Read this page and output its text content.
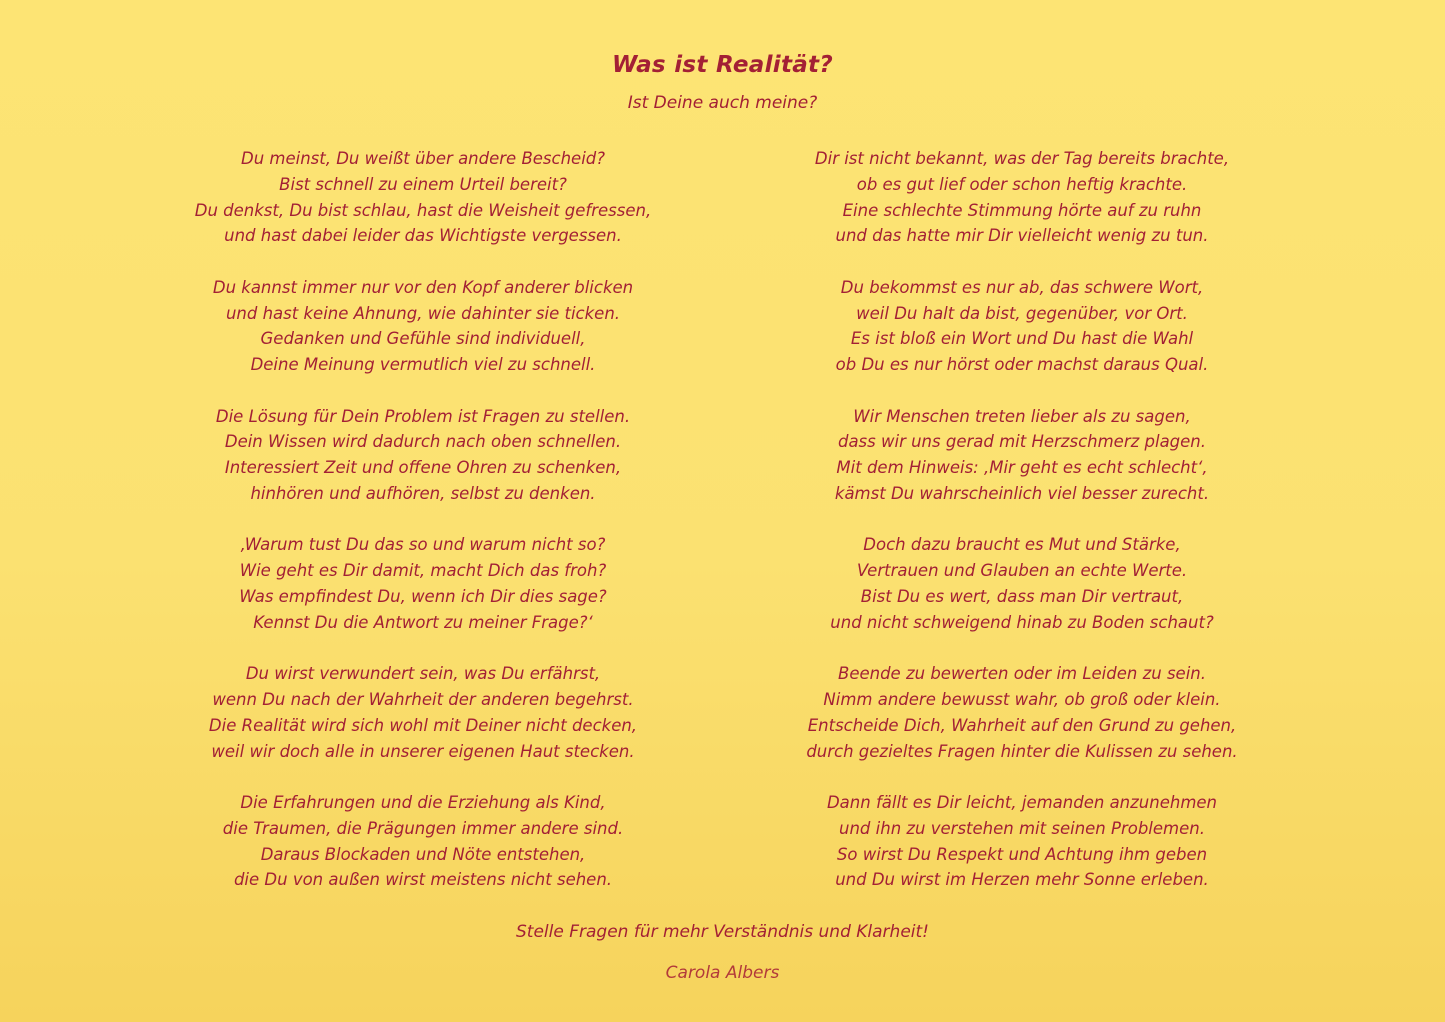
Was ist Realität?
Ist Deine auch meine?
Du meinst, Du weißt über andere Bescheid?
Bist schnell zu einem Urteil bereit?
Du denkst, Du bist schlau, hast die Weisheit gefressen,
und hast dabei leider das Wichtigste vergessen.
Du kannst immer nur vor den Kopf anderer blicken
und hast keine Ahnung, wie dahinter sie ticken.
Gedanken und Gefühle sind individuell,
Deine Meinung vermutlich viel zu schnell.
Die Lösung für Dein Problem ist Fragen zu stellen.
Dein Wissen wird dadurch nach oben schnellen.
Interessiert Zeit und offene Ohren zu schenken,
hinhören und aufhören, selbst zu denken.
‚Warum tust Du das so und warum nicht so?
Wie geht es Dir damit, macht Dich das froh?
Was empfindest Du, wenn ich Dir dies sage?
Kennst Du die Antwort zu meiner Frage?‘
Du wirst verwundert sein, was Du erfährst,
wenn Du nach der Wahrheit der anderen begehrst.
Die Realität wird sich wohl mit Deiner nicht decken,
weil wir doch alle in unserer eigenen Haut stecken.
Die Erfahrungen und die Erziehung als Kind,
die Traumen, die Prägungen immer andere sind.
Daraus Blockaden und Nöte entstehen,
die Du von außen wirst meistens nicht sehen.
Dir ist nicht bekannt, was der Tag bereits brachte,
ob es gut lief oder schon heftig krachte.
Eine schlechte Stimmung hörte auf zu ruhn
und das hatte mir Dir vielleicht wenig zu tun.
Du bekommst es nur ab, das schwere Wort,
weil Du halt da bist, gegenüber, vor Ort.
Es ist bloß ein Wort und Du hast die Wahl
ob Du es nur hörst oder machst daraus Qual.
Wir Menschen treten lieber als zu sagen,
dass wir uns gerad mit Herzschmerz plagen.
Mit dem Hinweis: ‚Mir geht es echt schlecht‘,
kämst Du wahrscheinlich viel besser zurecht.
Doch dazu braucht es Mut und Stärke,
Vertrauen und Glauben an echte Werte.
Bist Du es wert, dass man Dir vertraut,
und nicht schweigend hinab zu Boden schaut?
Beende zu bewerten oder im Leiden zu sein.
Nimm andere bewusst wahr, ob groß oder klein.
Entscheide Dich, Wahrheit auf den Grund zu gehen,
durch gezieltes Fragen hinter die Kulissen zu sehen.
Dann fällt es Dir leicht, jemanden anzunehmen
und ihn zu verstehen mit seinen Problemen.
So wirst Du Respekt und Achtung ihm geben
und Du wirst im Herzen mehr Sonne erleben.
Stelle Fragen für mehr Verständnis und Klarheit!
Carola Albers
